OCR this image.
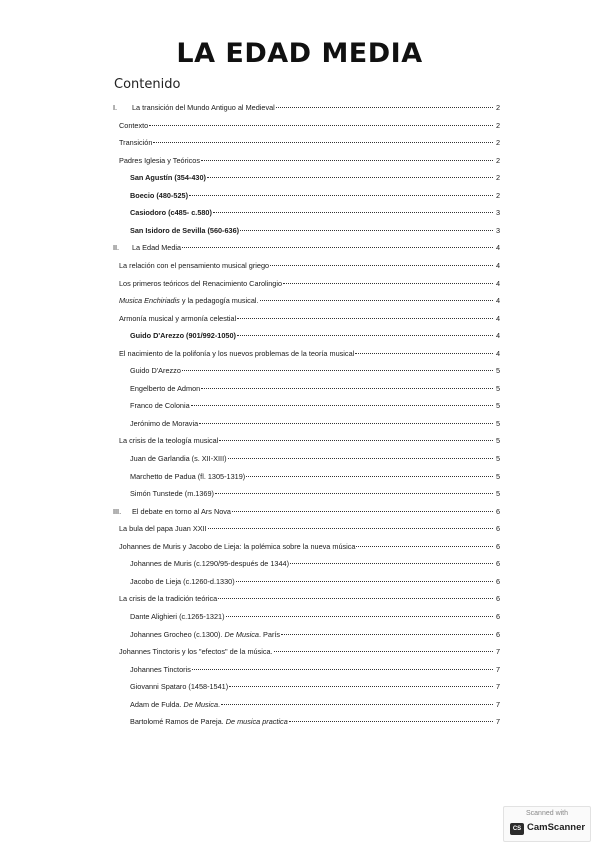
LA EDAD MEDIA
Contenido
I.	La transición del Mundo Antiguo al Medieval	2
Contexto	2
Transición	2
Padres Iglesia y Teóricos	2
San Agustín (354-430)	2
Boecio (480-525)	2
Casiodoro (c485- c.580)	3
San Isidoro de Sevilla (560-636)	3
II.	La Edad Media	4
La relación con el pensamiento musical griego	4
Los primeros teóricos del Renacimiento Carolingio	4
Musica Enchiriadis y la pedagogía musical.	4
Armonía musical y armonía celestial	4
Guido D'Arezzo (901/992-1050)	4
El nacimiento de la polifonía y los nuevos problemas de la teoría musical	4
Guido D'Arezzo	5
Engelberto de Admon	5
Franco de Colonia	5
Jerónimo de Moravia	5
La crisis de la teología musical	5
Juan de Garlandia (s. XII-XIII)	5
Marchetto de Padua (fl. 1305-1319)	5
Simón Tunstede (m.1369)	5
III.	El debate en torno al Ars Nova	6
La bula del papa Juan XXII	6
Johannes de Muris y Jacobo de Lieja: la polémica sobre la nueva música	6
Johannes de Muris (c.1290/95-después de 1344)	6
Jacobo de Lieja (c.1260-d.1330)	6
La crisis de la tradición teórica	6
Dante Alighieri (c.1265-1321)	6
Johannes Grocheo (c.1300). De Musica. París	6
Johannes Tinctoris y los "efectos" de la música.	7
Johannes Tinctoris	7
Giovanni Spataro (1458-1541)	7
Adam de Fulda. De Musica.	7
Bartolomé Ramos de Pareja. De musica practica	7
Scanned with
CS CamScanner
